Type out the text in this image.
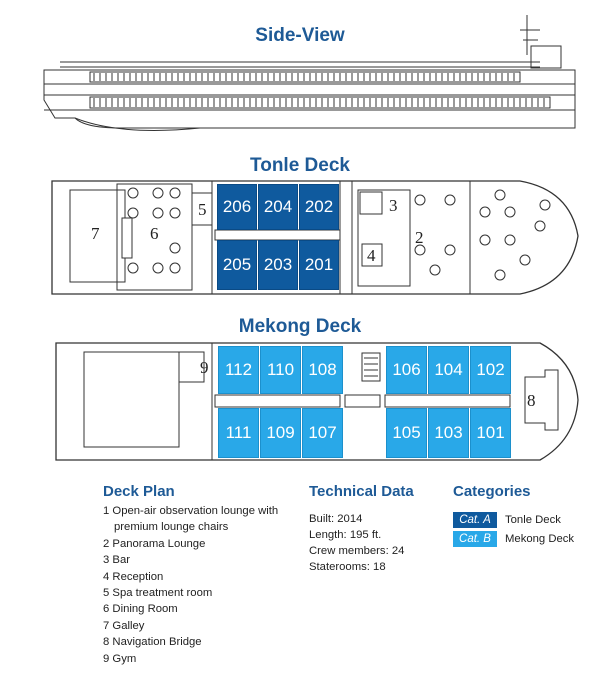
Side-View
Tonle Deck
Mekong Deck
206 204 202
205 203 201
112 110 108	106 104 102
111 109 107	105 103 101
7	6
5
2
3
4
9
8
Deck Plan
1 Open-air observation lounge with
premium lounge chairs
2 Panorama Lounge
3 Bar
4 Reception
5 Spa treatment room
6 Dining Room
7 Galley
8 Navigation Bridge
9 Gym
Technical Data
Built: 2014
Length: 195 ft.
Crew members: 24
Staterooms: 18
Categories
Cat. A	Tonle Deck
Cat. B	Mekong Deck
